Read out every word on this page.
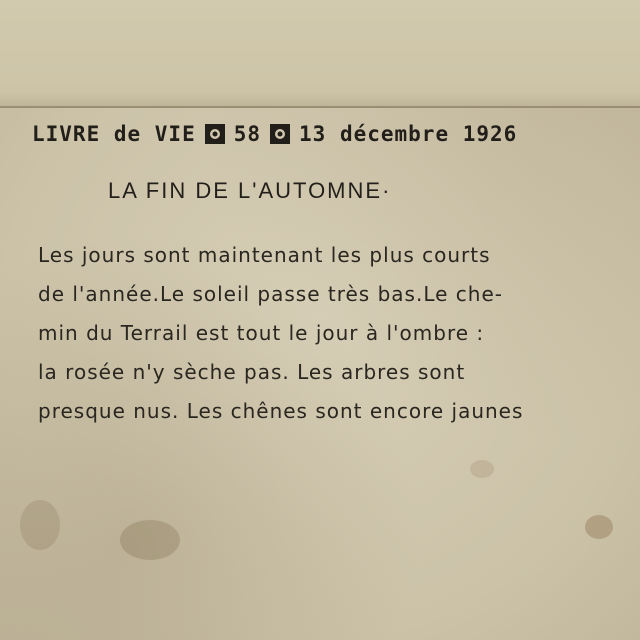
LIVRE de VIE 58 13 décembre 1926
LA FIN DE L'AUTOMNE·
Les jours sont maintenant les plus courts
de l'année.Le soleil passe très bas.Le che-
min du Terrail est tout le jour à l'ombre :
la rosée n'y sèche pas. Les arbres sont
presque nus. Les chênes sont encore jaunes
